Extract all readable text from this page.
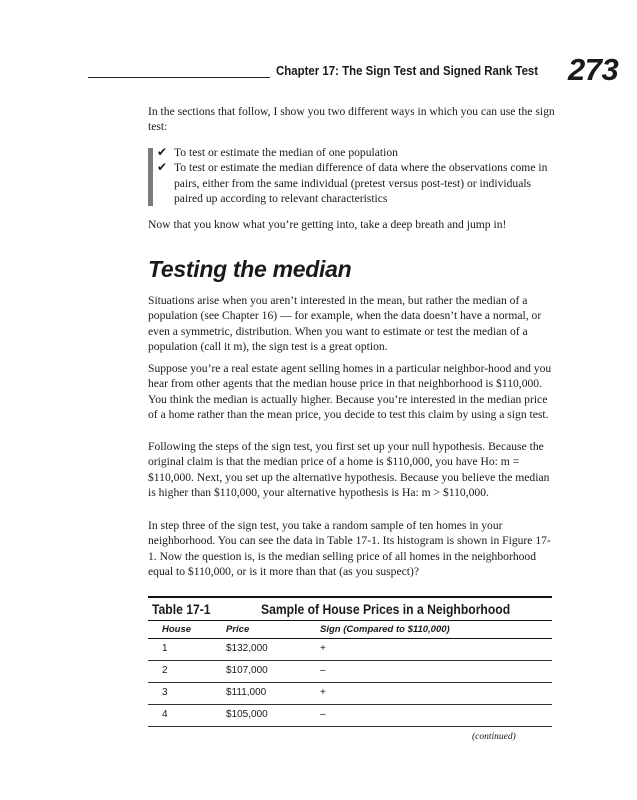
Chapter 17: The Sign Test and Signed Rank Test 273

In the sections that follow, I show you two different ways in which you can use the sign test:

✔ To test or estimate the median of one population
✔ To test or estimate the median difference of data where the observations come in pairs, either from the same individual (pretest versus post-test) or individuals paired up according to relevant characteristics

Now that you know what you’re getting into, take a deep breath and jump in!

Testing the median

Situations arise when you aren’t interested in the mean, but rather the median of a population (see Chapter 16) — for example, when the data doesn’t have a normal, or even a symmetric, distribution. When you want to estimate or test the median of a population (call it m), the sign test is a great option.

Suppose you’re a real estate agent selling homes in a particular neighbor-hood and you hear from other agents that the median house price in that neighborhood is $110,000. You think the median is actually higher. Because you’re interested in the median price of a home rather than the mean price, you decide to test this claim by using a sign test.

Following the steps of the sign test, you first set up your null hypothesis. Because the original claim is that the median price of a home is $110,000, you have Ho: m = $110,000. Next, you set up the alternative hypothesis. Because you believe the median is higher than $110,000, your alternative hypothesis is Ha: m > $110,000.

In step three of the sign test, you take a random sample of ten homes in your neighborhood. You can see the data in Table 17-1. Its histogram is shown in Figure 17-1. Now the question is, is the median selling price of all homes in the neighborhood equal to $110,000, or is it more than that (as you suspect)?

Table 17-1	Sample of House Prices in a Neighborhood
House	Price	Sign (Compared to $110,000)
1	$132,000	+
2	$107,000	–
3	$111,000	+
4	$105,000	–
(continued)
